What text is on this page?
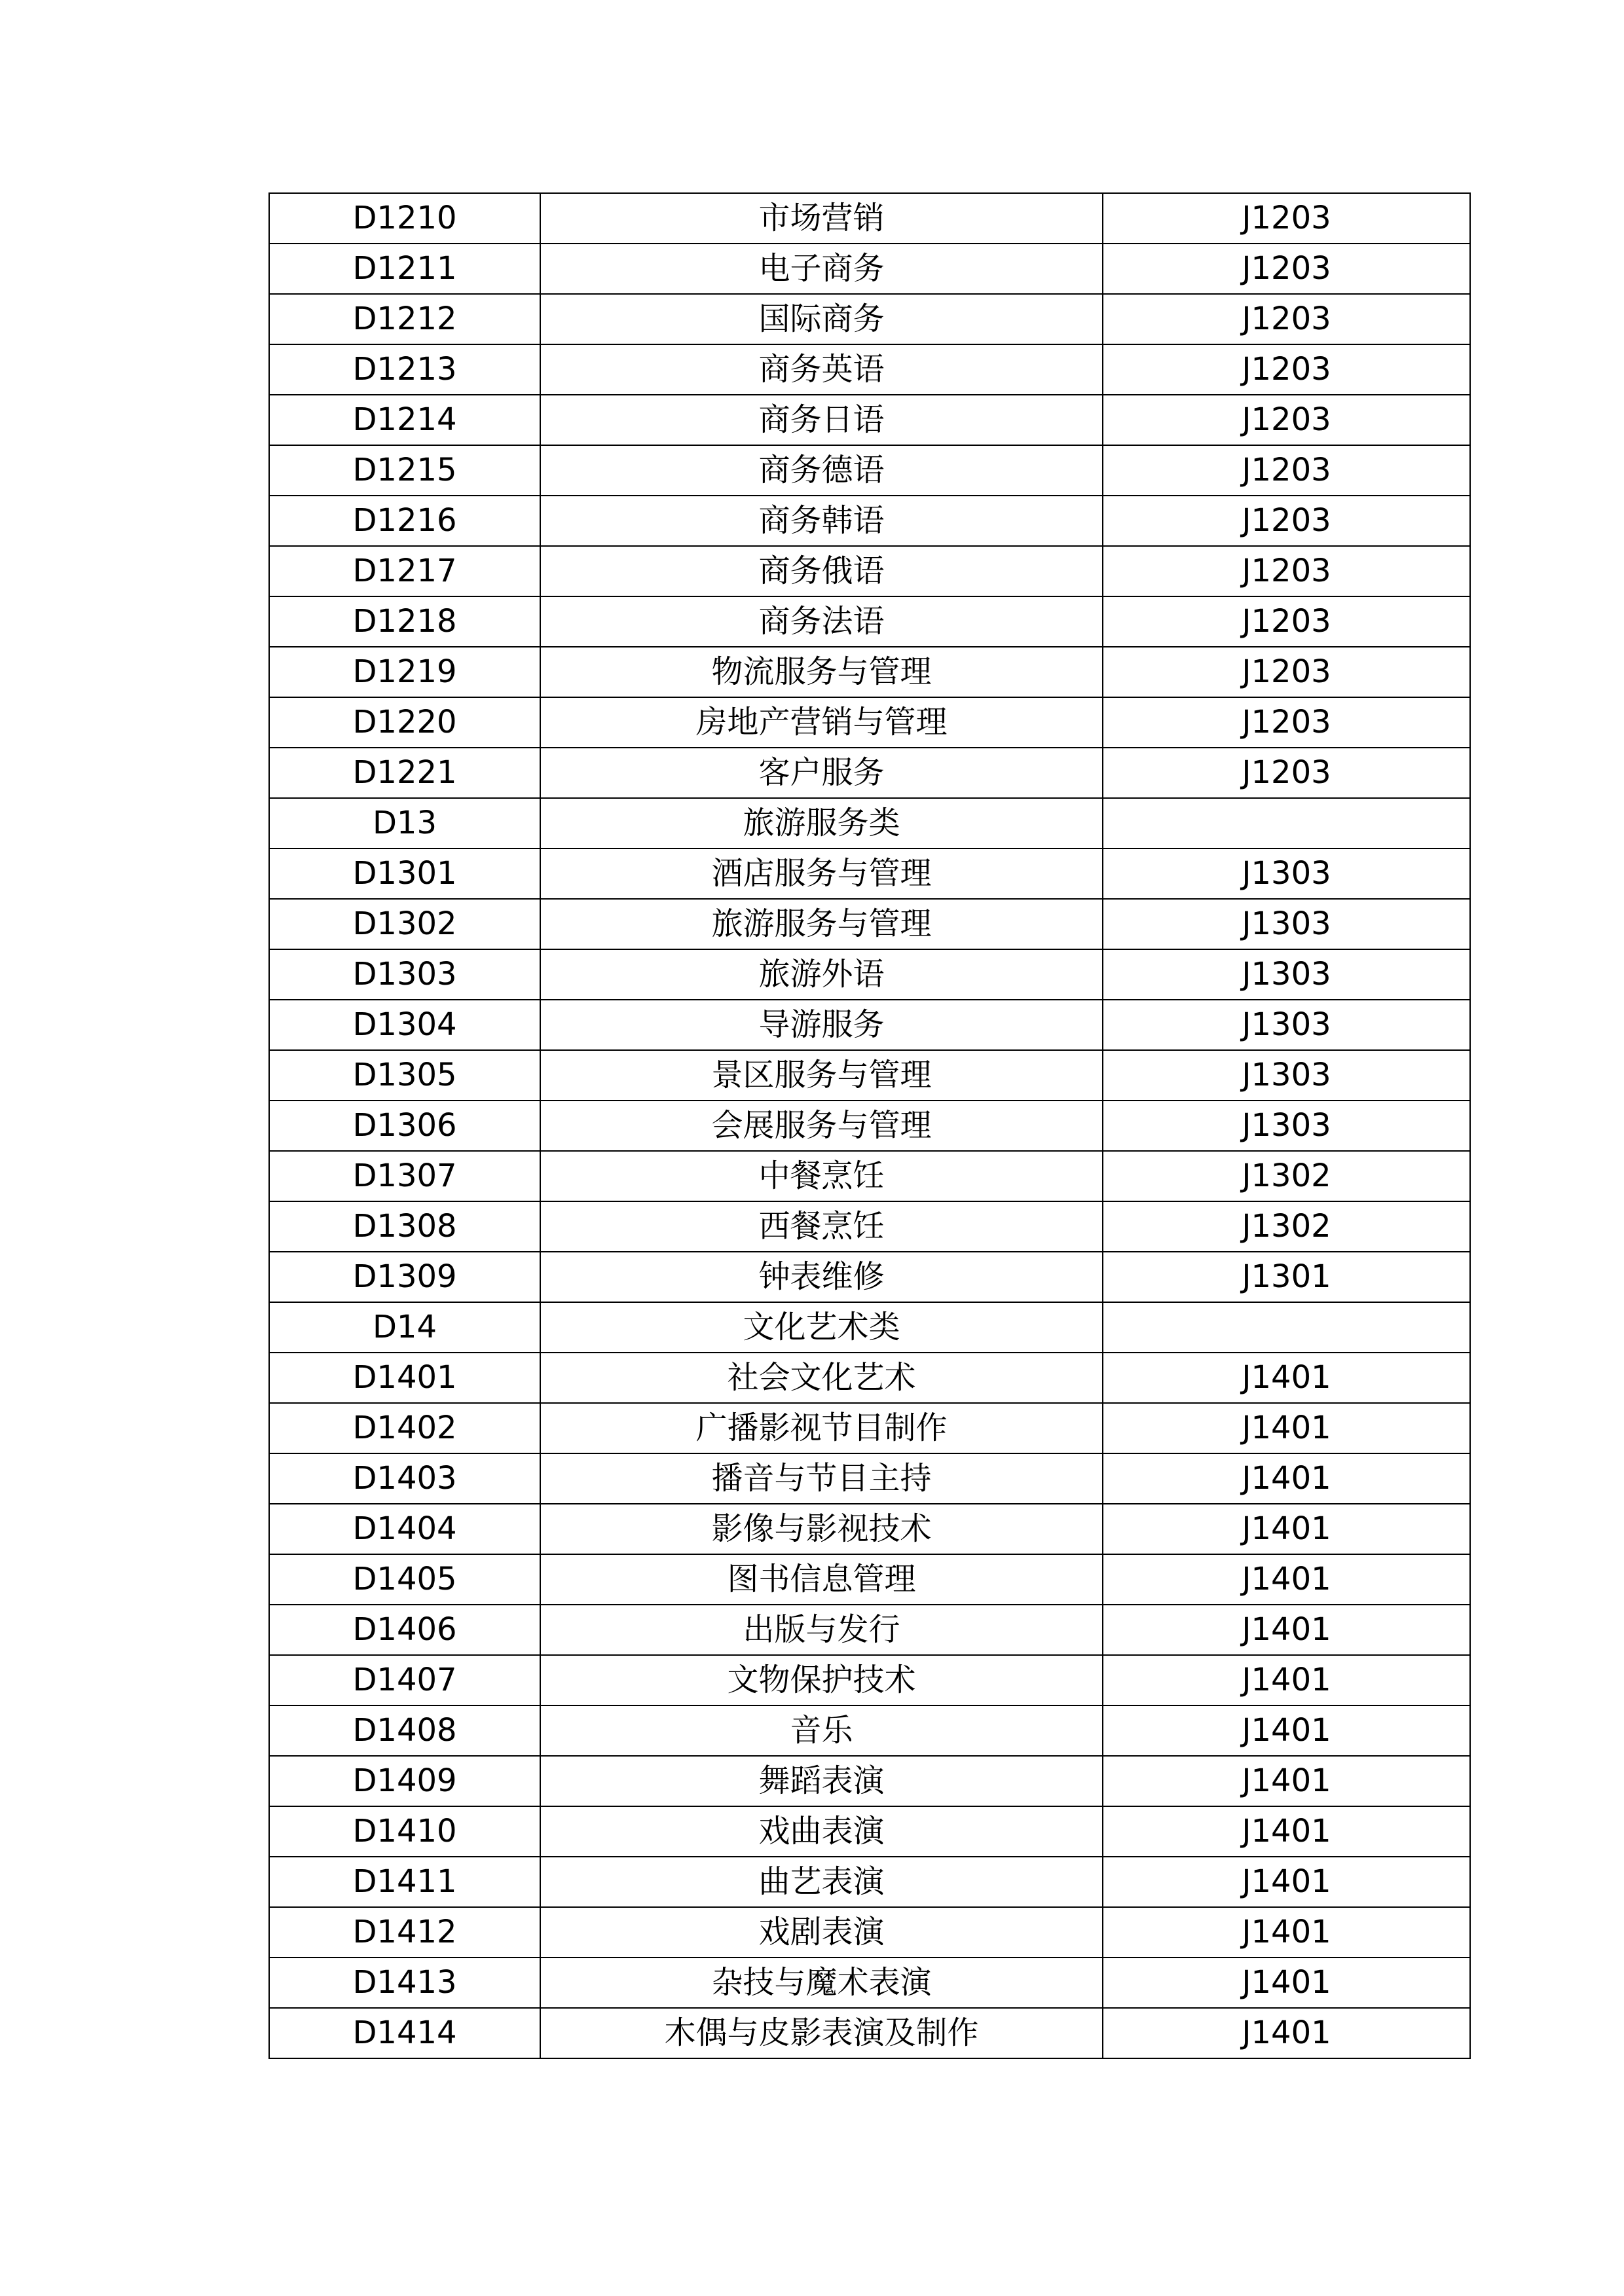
D1210	市场营销	J1203
D1211	电子商务	J1203
D1212	国际商务	J1203
D1213	商务英语	J1203
D1214	商务日语	J1203
D1215	商务德语	J1203
D1216	商务韩语	J1203
D1217	商务俄语	J1203
D1218	商务法语	J1203
D1219	物流服务与管理	J1203
D1220	房地产营销与管理	J1203
D1221	客户服务	J1203
D13	旅游服务类	
D1301	酒店服务与管理	J1303
D1302	旅游服务与管理	J1303
D1303	旅游外语	J1303
D1304	导游服务	J1303
D1305	景区服务与管理	J1303
D1306	会展服务与管理	J1303
D1307	中餐烹饪	J1302
D1308	西餐烹饪	J1302
D1309	钟表维修	J1301
D14	文化艺术类	
D1401	社会文化艺术	J1401
D1402	广播影视节目制作	J1401
D1403	播音与节目主持	J1401
D1404	影像与影视技术	J1401
D1405	图书信息管理	J1401
D1406	出版与发行	J1401
D1407	文物保护技术	J1401
D1408	音乐	J1401
D1409	舞蹈表演	J1401
D1410	戏曲表演	J1401
D1411	曲艺表演	J1401
D1412	戏剧表演	J1401
D1413	杂技与魔术表演	J1401
D1414	木偶与皮影表演及制作	J1401
